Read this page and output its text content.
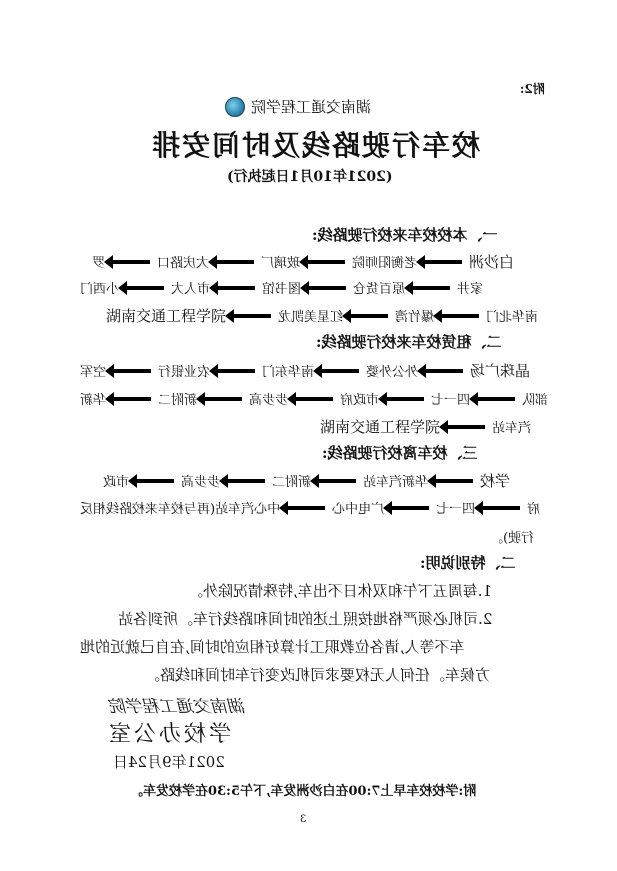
附2:
湖南交通工程学院
校车行驶路线及时间安排
(2021年10月1日起执行)
一、本校校车来校行驶路线:
罗	大庆路口	玻璃厂	老衡阳师院	白沙洲
小西门	市人大	图书馆	原百货仓	家井
湖南交通工程学院	红星美凯龙	爆竹湾	南华北门
二、租赁校车来校行驶路线:
空军	农业银行	南华东门	外公外婆	晶珠广场
华新	新附二	步步高	市政府	四一七	部队
湖南交通工程学院	汽车站
三、校车离校行驶路线:
市政	步步高	新附二	华新汽车站	学校
中心汽车站(再与校车来校路线相反	广电中心	四一七	府
行驶)。
二、特别说明:
1.每周五下午和双休日不出车,特殊情况除外。
2.司机必须严格地按照上述的时间和路线行车。所到各站
车不等人,请各位教职工计算好相应的时间,在自己就近的地
方候车。任何人无权要求司机改变行车时间和线路。
湖南交通工程学院
学校办公室
2021年9月24日
附:学校校车早上7:00在白沙洲发车,下午5:30在学校发车。
3
